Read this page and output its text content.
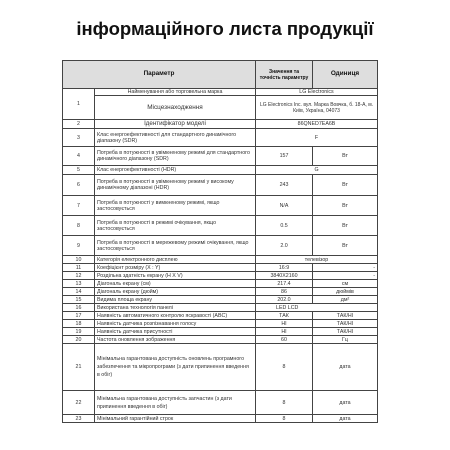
інформаційного листа продукції
Параметр		Значення та точність параметру	Одиниця
1	Найменування або торговельна марка	LG Electronics	
	Місцезнаходження	LG Electronics Inc. вул. Марка Вовчка, б. 18-А, м. Київ, Україна, 04073	
2	Ідентифікатор моделі	86QNED7EA6B	
3	Клас енергоефективності для стандартного динамічного діапазону (SDR)	F	
4	Потреба в потужності в увімкненому режимі для стандартного динамічного діапазону (SDR)	157	Вт
5	Клас енергоефективності (HDR)	G	
6	Потреба в потужності в увімкненому режимі у високому динамічному діапазоні (HDR)	243	Вт
7	Потреба в потужності у вимкненому режимі, якщо застосовується	N/A	Вт
8	Потреба в потужності в режимі очікування, якщо застосовується	0.5	Вт
9	Потреба в потужності в мережевому режимі очікування, якщо застосовується	2.0	Вт
10	Категорія електронного дисплею	телевізор	
11	Коефіцієнт розміру (X : Y)	16:9	-
12	Роздільна здатність екрану (H X V)	3840X2160	-
13	Діагональ екрану (см)	217.4	см
14	Діагональ екрану (дюйм)	86	дюймів
15	Видима площа екрану	202.0	дм²
16	Використана технологія панелі	LED LCD	
17	Наявність автоматичного контролю яскравості (ABC)	ТАК	ТАК/НІ
18	Наявність датчика розпізнавання голосу	НІ	ТАК/НІ
19	Наявність датчика присутності	НІ	ТАК/НІ
20	Частота оновлення зображення	60	Гц
21	Мінімальна гарантована доступність оновлень програмного забезпечення та мікропрограми (з дати припинення введення в обіг)	8	дата
22	Мінімальна гарантована доступність запчастин (з дати припинення введення в обіг)	8	дата
23	Мінімальний гарантійний строк	8	дата
